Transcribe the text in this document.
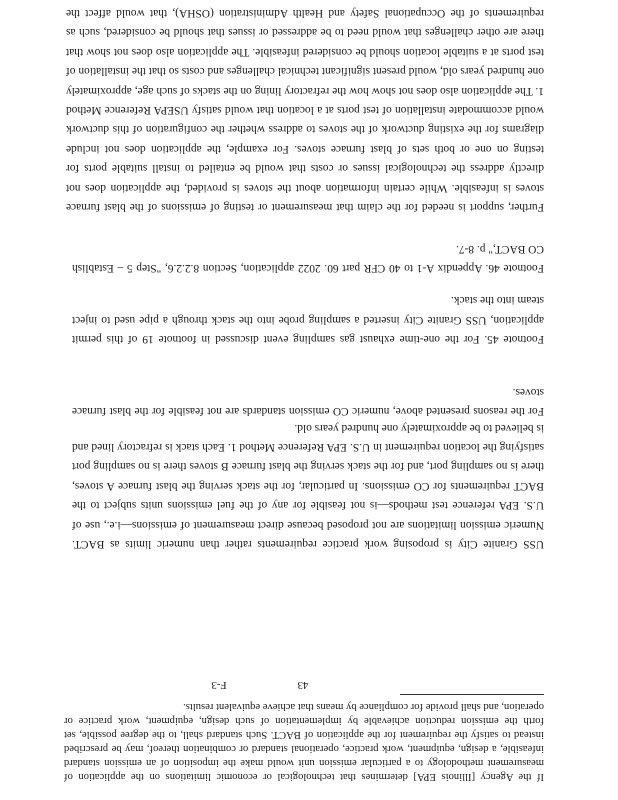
If the Agency [Illinois EPA] determines that technological or economic limitations on the application of measurement methodology to a particular emission unit would make the imposition of an emission standard infeasible, a design, equipment, work practice, operational standard or combination thereof, may be prescribed instead to satisfy the requirement for the application of BACT. Such standard shall, to the degree possible, set forth the emission reduction achievable by implementation of such design, equipment, work practice or operation, and shall provide for compliance by means that achieve equivalent results.
43
F-3
USS Granite City is proposing work practice requirements rather than numeric limits as BACT. Numeric emission limitations are not proposed because direct measurement of emissions—i.e., use of U.S. EPA reference test methods—is not feasible for any of the fuel emissions units subject to the BACT requirements for CO emissions. In particular, for the stack serving the blast furnace A stoves, there is no sampling port, and for the stack serving the blast furnace B stoves there is no sampling port satisfying the location requirement in U.S. EPA Reference Method 1. Each stack is refractory lined and is believed to be approximately one hundred years old.
For the reasons presented above, numeric CO emission standards are not feasible for the blast furnace stoves.
Footnote 45. For the one-time exhaust gas sampling event discussed in footnote 19 of this permit application, USS Granite City inserted a sampling probe into the stack through a pipe used to inject steam into the stack.
Footnote 46. Appendix A-1 to 40 CFR part 60. 2022 application, Section 8.2.2.6, "Step 5 – Establish CO BACT," p. 8-7.
Further, support is needed for the claim that measurement or testing of emissions of the blast furnace stoves is infeasible. While certain information about the stoves is provided, the application does not directly address the technological issues or costs that would be entailed to install suitable ports for testing on one or both sets of blast furnace stoves. For example, the application does not include diagrams for the existing ductwork of the stoves to address whether the configuration of this ductwork would accommodate installation of test ports at a location that would satisfy USEPA Reference Method 1. The application also does not show how the refractory lining on the stacks of such age, approximately one hundred years old, would present significant technical challenges and costs so that the installation of test ports at a suitable location should be considered infeasible. The application also does not show that there are other challenges that would need to be addressed or issues that should be considered, such as requirements of the Occupational Safety and Health Administration (OSHA), that would affect the
